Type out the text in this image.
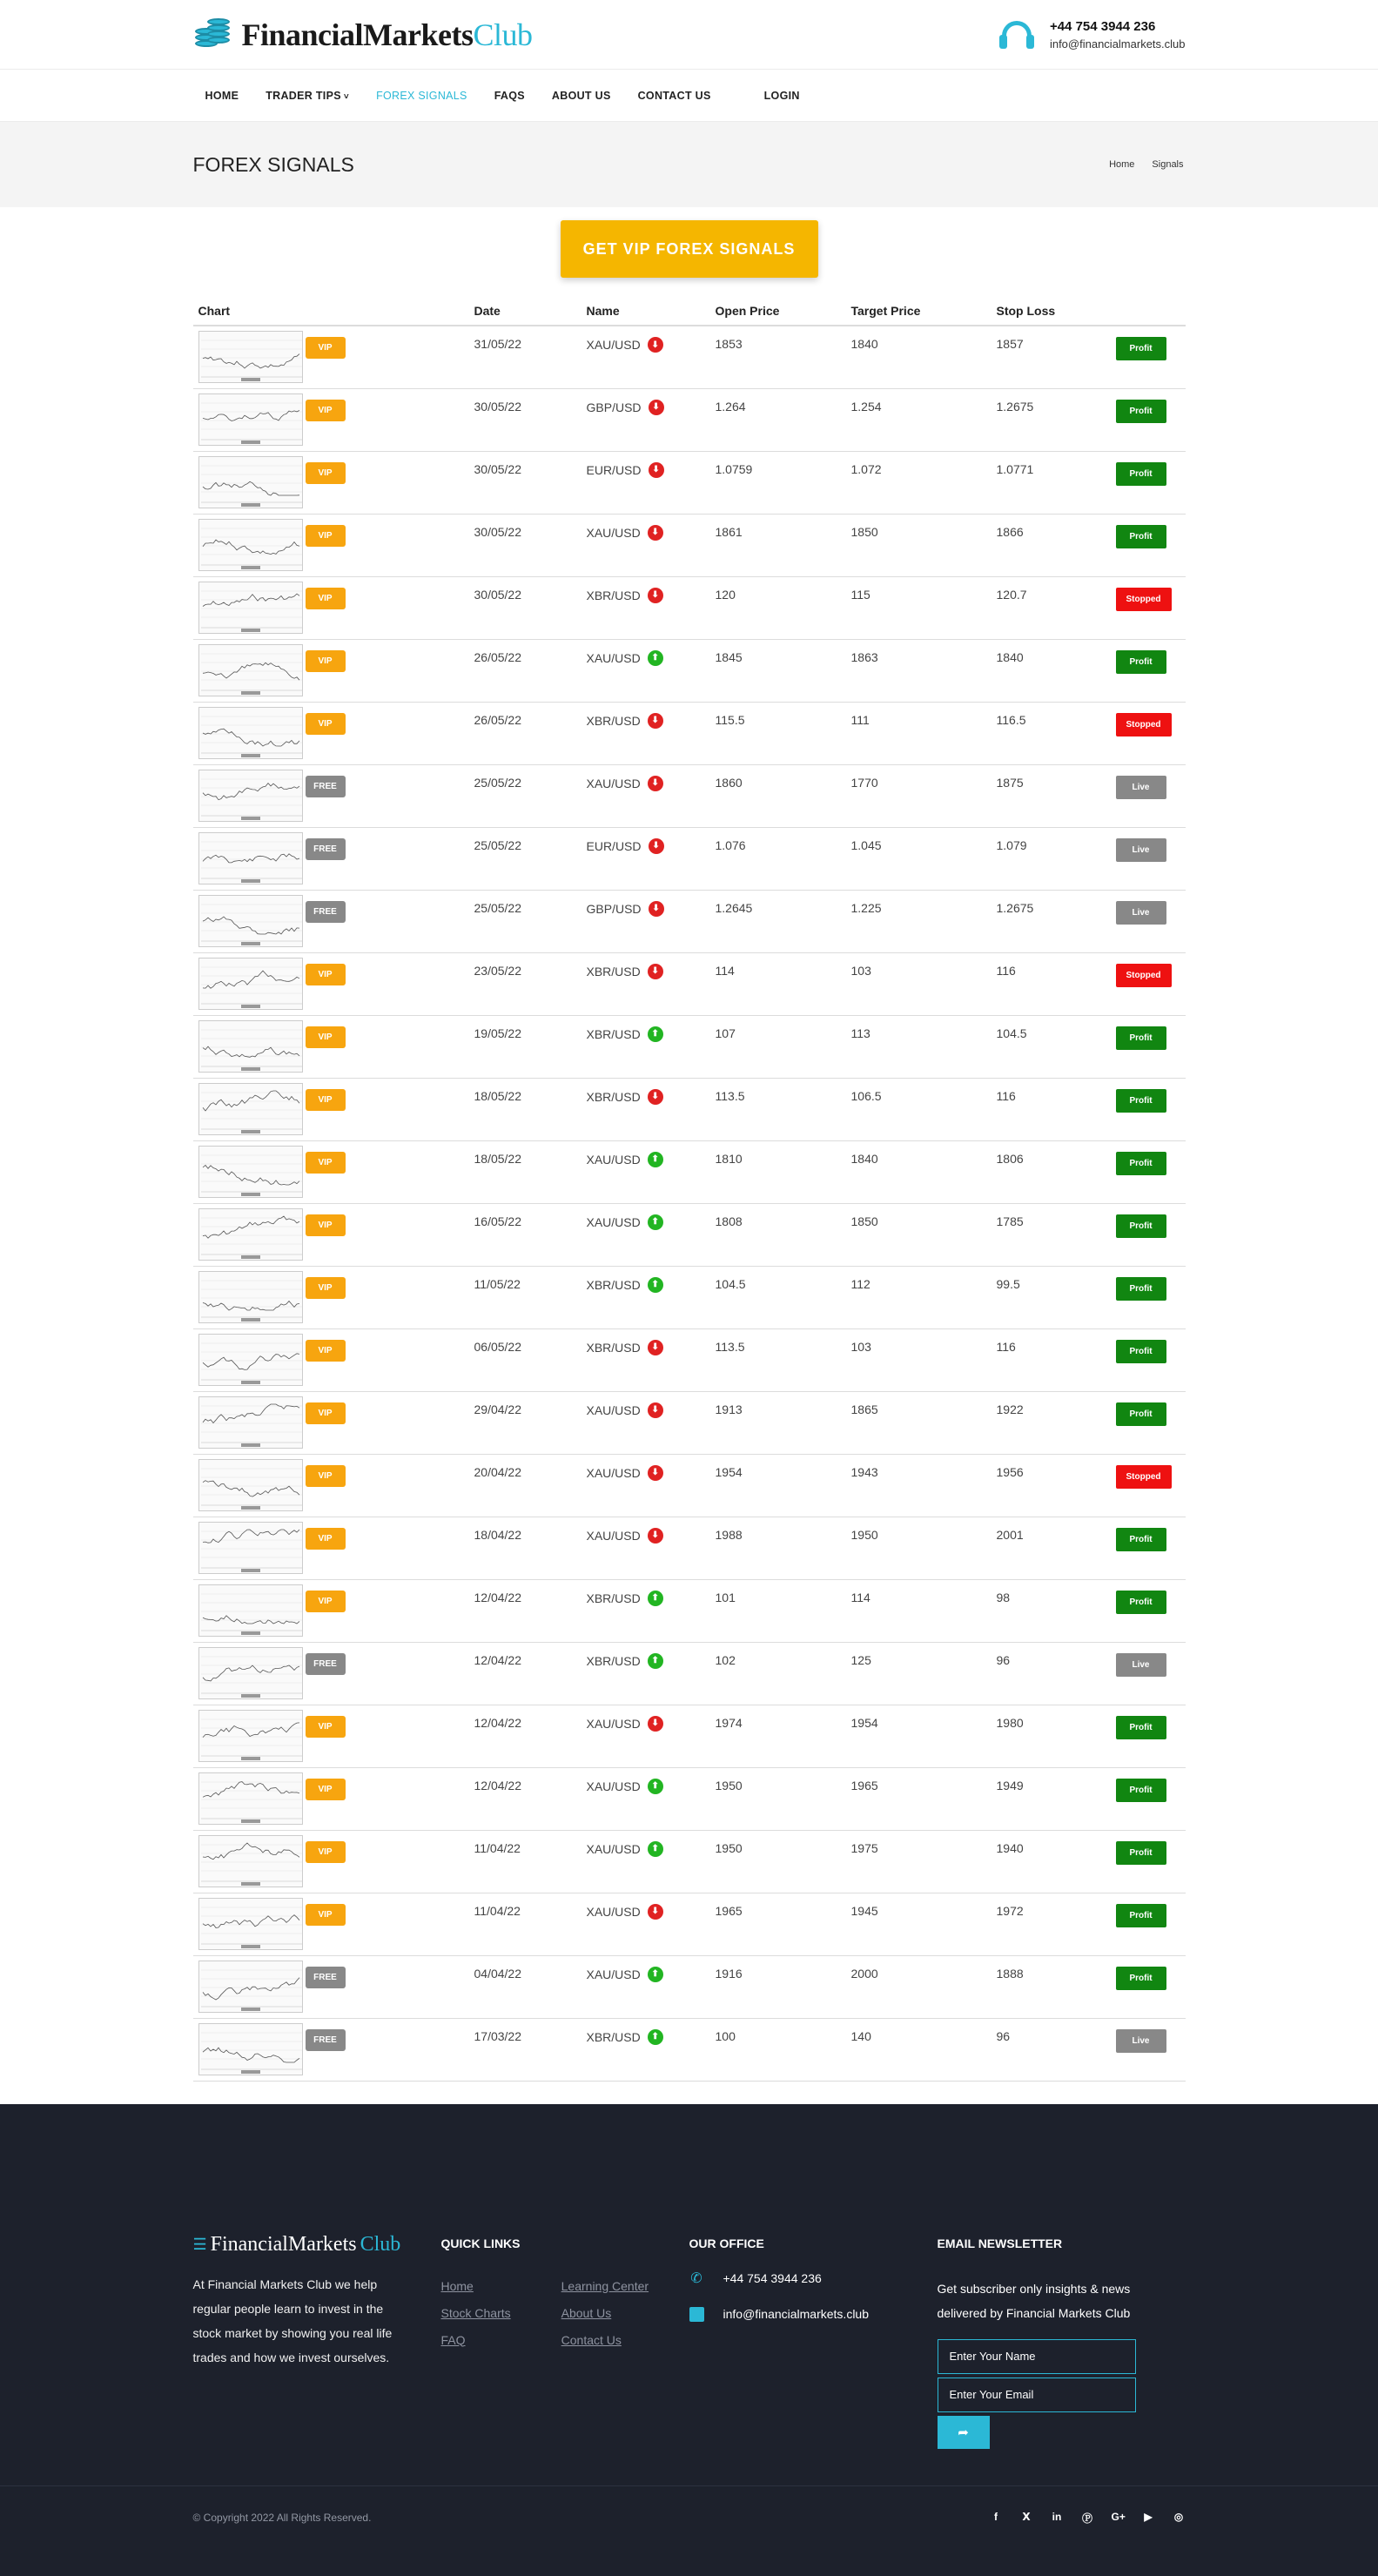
FinancialMarketsClub	+44 754 3944 236
info@financialmarkets.club
HOME TRADER TIPS ˅ FOREX SIGNALS FAQS ABOUT US CONTACT US	LOGIN
FOREX SIGNALS	Home Signals
GET VIP FOREX SIGNALS
Chart	Date	Name	Open Price	Target Price	Stop Loss	

VIP	31/05/22	XAU/USD ⬇	1853	1840	1857	Profit

VIP	30/05/22	GBP/USD ⬇	1.264	1.254	1.2675	Profit

VIP	30/05/22	EUR/USD ⬇	1.0759	1.072	1.0771	Profit

VIP	30/05/22	XAU/USD ⬇	1861	1850	1866	Profit

VIP	30/05/22	XBR/USD ⬇	120	115	120.7	Stopped

VIP	26/05/22	XAU/USD ⬆	1845	1863	1840	Profit

VIP	26/05/22	XBR/USD ⬇	115.5	111	116.5	Stopped

FREE	25/05/22	XAU/USD ⬇	1860	1770	1875	Live

FREE	25/05/22	EUR/USD ⬇	1.076	1.045	1.079	Live

FREE	25/05/22	GBP/USD ⬇	1.2645	1.225	1.2675	Live

VIP	23/05/22	XBR/USD ⬇	114	103	116	Stopped

VIP	19/05/22	XBR/USD ⬆	107	113	104.5	Profit

VIP	18/05/22	XBR/USD ⬇	113.5	106.5	116	Profit

VIP	18/05/22	XAU/USD ⬆	1810	1840	1806	Profit

VIP	16/05/22	XAU/USD ⬆	1808	1850	1785	Profit

VIP	11/05/22	XBR/USD ⬆	104.5	112	99.5	Profit

VIP	06/05/22	XBR/USD ⬇	113.5	103	116	Profit

VIP	29/04/22	XAU/USD ⬇	1913	1865	1922	Profit

VIP	20/04/22	XAU/USD ⬇	1954	1943	1956	Stopped

VIP	18/04/22	XAU/USD ⬇	1988	1950	2001	Profit

VIP	12/04/22	XBR/USD ⬆	101	114	98	Profit

FREE	12/04/22	XBR/USD ⬆	102	125	96	Live

VIP	12/04/22	XAU/USD ⬇	1974	1954	1980	Profit

VIP	12/04/22	XAU/USD ⬆	1950	1965	1949	Profit

VIP	11/04/22	XAU/USD ⬆	1950	1975	1940	Profit

VIP	11/04/22	XAU/USD ⬇	1965	1945	1972	Profit

FREE	04/04/22	XAU/USD ⬆	1916	2000	1888	Profit

FREE	17/03/22	XBR/USD ⬆	100	140	96	Live
☰ FinancialMarkets Club
At Financial Markets Club we help regular people learn to invest in the stock market by showing you real life trades and how we invest ourselves.
QUICK LINKS
Home
Stock Charts
FAQ
Learning Center
About Us
Contact Us
OUR OFFICE
✆ +44 754 3944 236
info@financialmarkets.club
EMAIL NEWSLETTER
Get subscriber only insights & news delivered by Financial Markets Club
Enter Your Name
Enter Your Email
➦
© Copyright 2022 All Rights Reserved.	f	𝗫 in Ⓟ G+ ▶ ◎
